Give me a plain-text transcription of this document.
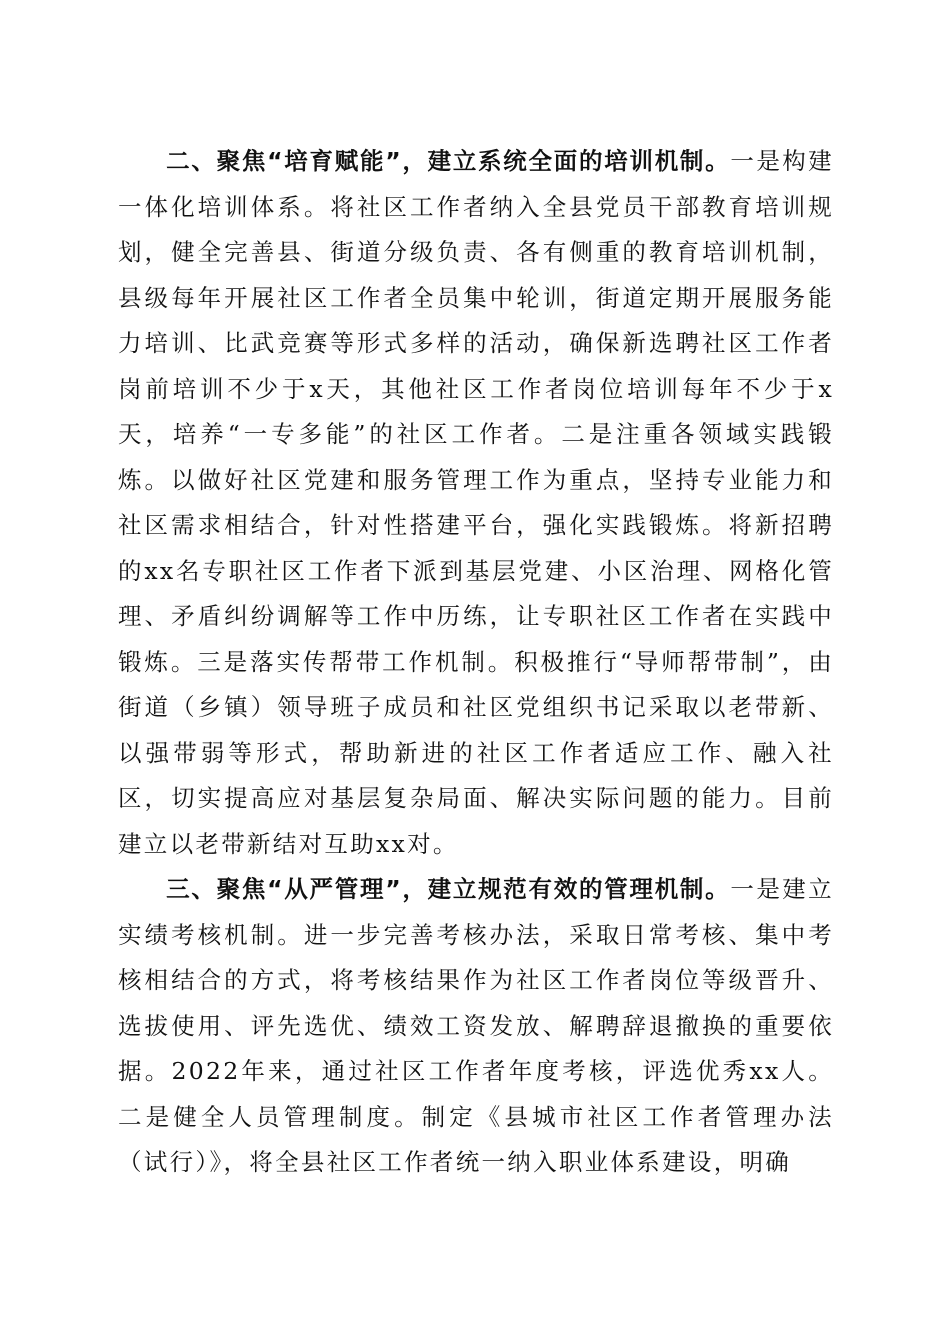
二、聚焦“培育赋能”，建立系统全面的培训机制。一是构建一体化培训体系。将社区工作者纳入全县党员干部教育培训规划，健全完善县、街道分级负责、各有侧重的教育培训机制，县级每年开展社区工作者全员集中轮训，街道定期开展服务能力培训、比武竞赛等形式多样的活动，确保新选聘社区工作者岗前培训不少于x天，其他社区工作者岗位培训每年不少于x天，培养“一专多能”的社区工作者。二是注重各领域实践锻炼。以做好社区党建和服务管理工作为重点，坚持专业能力和社区需求相结合，针对性搭建平台，强化实践锻炼。将新招聘的xx名专职社区工作者下派到基层党建、小区治理、网格化管理、矛盾纠纷调解等工作中历练，让专职社区工作者在实践中锻炼。三是落实传帮带工作机制。积极推行“导师帮带制”，由街道（乡镇）领导班子成员和社区党组织书记采取以老带新、以强带弱等形式，帮助新进的社区工作者适应工作、融入社区，切实提高应对基层复杂局面、解决实际问题的能力。目前建立以老带新结对互助xx对。

三、聚焦“从严管理”，建立规范有效的管理机制。一是建立实绩考核机制。进一步完善考核办法，采取日常考核、集中考核相结合的方式，将考核结果作为社区工作者岗位等级晋升、选拔使用、评先选优、绩效工资发放、解聘辞退撤换的重要依据。2022年来，通过社区工作者年度考核，评选优秀xx人。二是健全人员管理制度。制定《县城市社区工作者管理办法（试行）》，将全县社区工作者统一纳入职业体系建设，明确
